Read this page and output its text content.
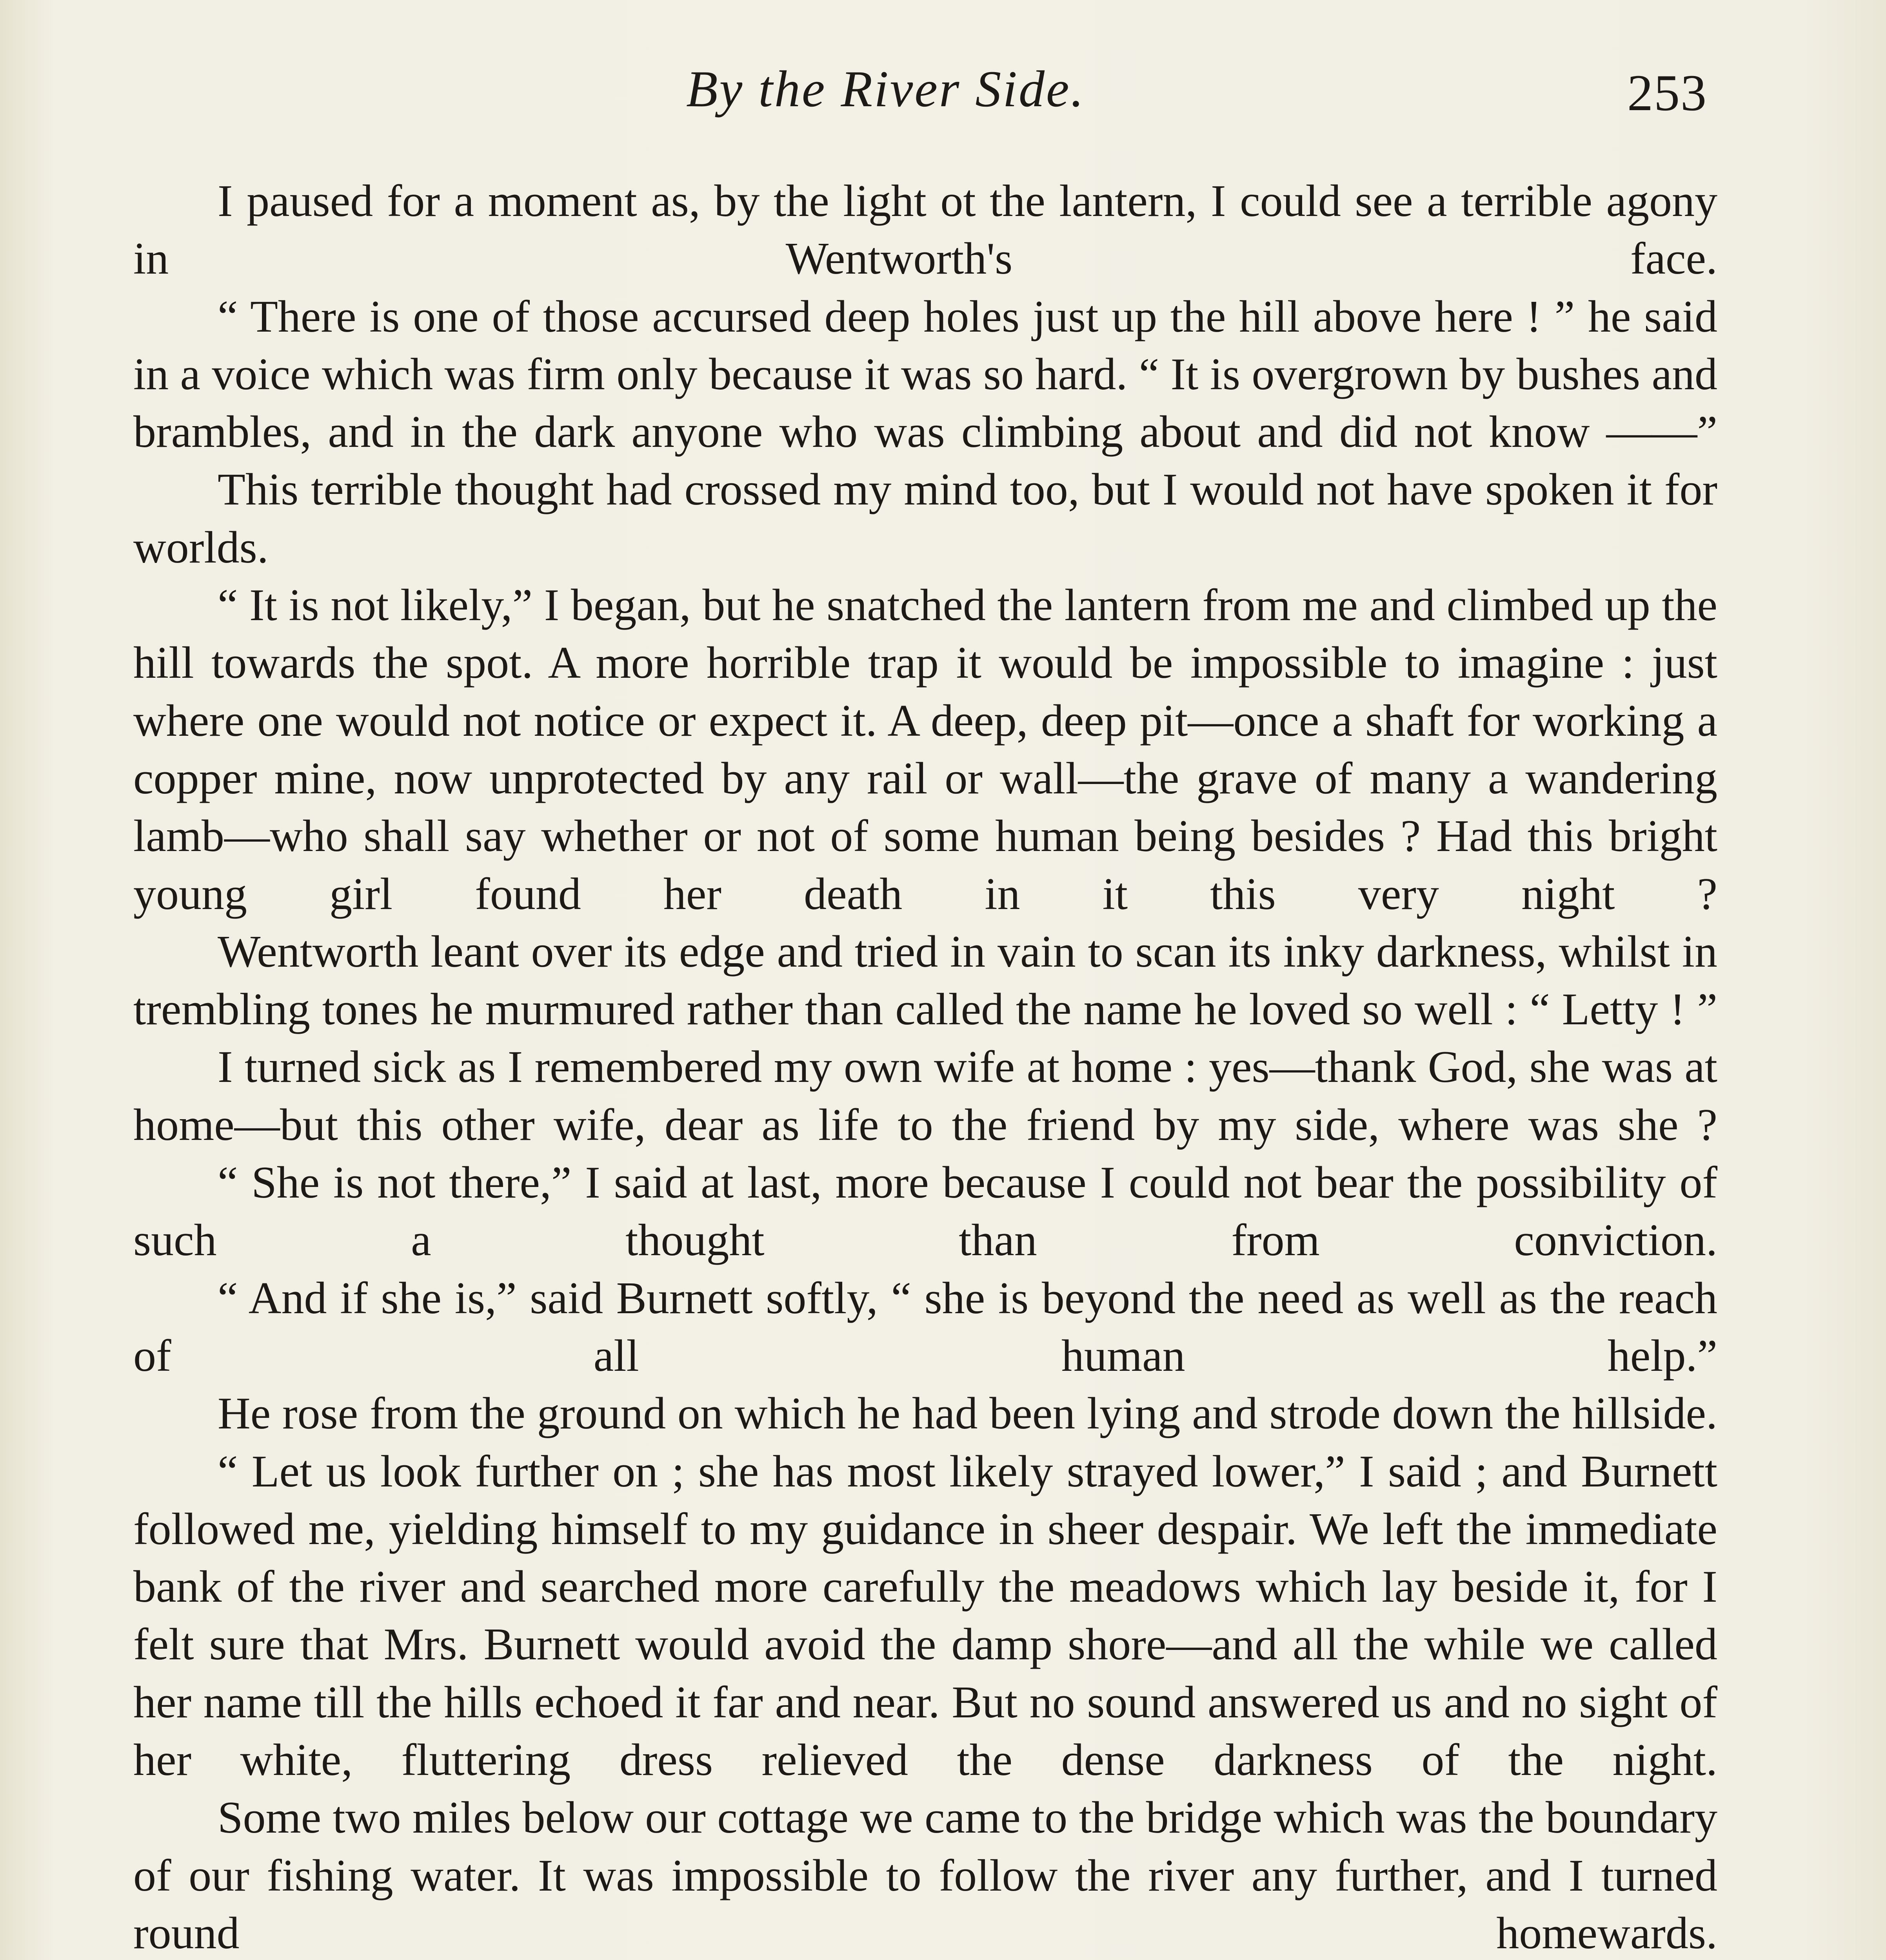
By the River Side.	253

I paused for a moment as, by the light ot the lantern, I could see a terrible agony in Wentworth's face.

“ There is one of those accursed deep holes just up the hill above here ! ” he said in a voice which was firm only because it was so hard. “ It is overgrown by bushes and brambles, and in the dark anyone who was climbing about and did not know ——”

This terrible thought had crossed my mind too, but I would not have spoken it for worlds.

“ It is not likely,” I began, but he snatched the lantern from me and climbed up the hill towards the spot. A more horrible trap it would be impossible to imagine : just where one would not notice or expect it. A deep, deep pit—once a shaft for working a copper mine, now unprotected by any rail or wall—the grave of many a wandering lamb—who shall say whether or not of some human being besides ? Had this bright young girl found her death in it this very night ?

Wentworth leant over its edge and tried in vain to scan its inky darkness, whilst in trembling tones he murmured rather than called the name he loved so well : “ Letty ! ”

I turned sick as I remembered my own wife at home : yes—thank God, she was at home—but this other wife, dear as life to the friend by my side, where was she ?

“ She is not there,” I said at last, more because I could not bear the possibility of such a thought than from conviction.

“ And if she is,” said Burnett softly, “ she is beyond the need as well as the reach of all human help.”

He rose from the ground on which he had been lying and strode down the hillside.

“ Let us look further on ; she has most likely strayed lower,” I said ; and Burnett followed me, yielding himself to my guidance in sheer despair. We left the immediate bank of the river and searched more carefully the meadows which lay beside it, for I felt sure that Mrs. Burnett would avoid the damp shore—and all the while we called her name till the hills echoed it far and near. But no sound answered us and no sight of her white, fluttering dress relieved the dense darkness of the night.

Some two miles below our cottage we came to the bridge which was the boundary of our fishing water. It was impossible to follow the river any further, and I turned round homewards.
